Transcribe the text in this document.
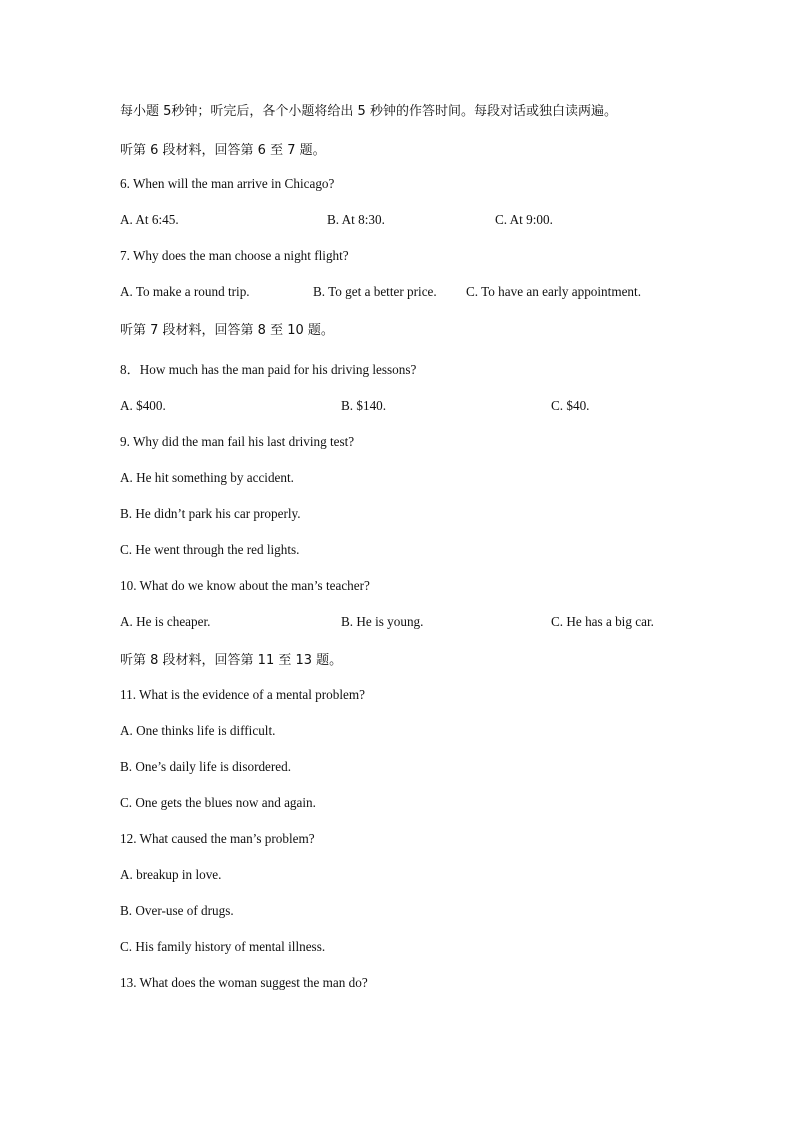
每小题 5秒钟；听完后，各个小题将给出 5 秒钟的作答时间。每段对话或独白读两遍。
听第 6 段材料，回答第 6 至 7 题。
6. When will the man arrive in Chicago?
A. At 6:45.	B. At 8:30.	C. At 9:00.
7. Why does the man choose a night flight?
A. To make a round trip.	B. To get a better price. C. To have an early appointment.
听第 7 段材料，回答第 8 至 10 题。
8．How much has the man paid for his driving lessons?
A. $400.	B. $140.	C. $40.
9. Why did the man fail his last driving test?
A. He hit something by accident.
B. He didn’t park his car properly.
C. He went through the red lights.
10. What do we know about the man’s teacher?
A. He is cheaper.	B. He is young.	C. He has a big car.
听第 8 段材料，回答第 11 至 13 题。
11. What is the evidence of a mental problem?
A. One thinks life is difficult.
B. One’s daily life is disordered.
C. One gets the blues now and again.
12. What caused the man’s problem?
A. breakup in love.
B. Over-use of drugs.
C. His family history of mental illness.
13. What does the woman suggest the man do?
